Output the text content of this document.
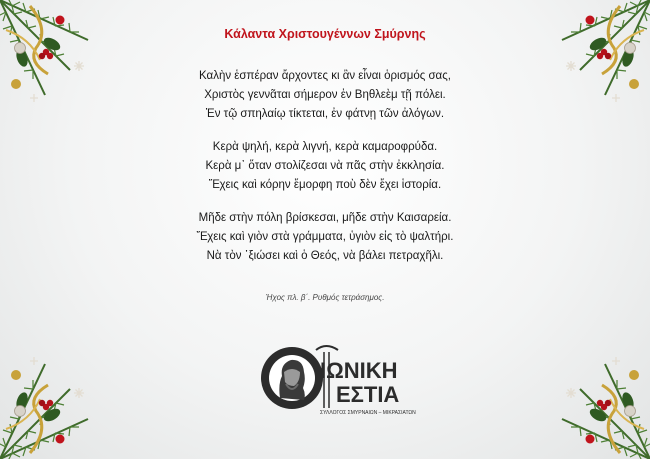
Κάλαντα Χριστουγέννων Σμύρνης
Καλὴν ἑσπέραν ἄρχοντες κι ἂν εἶναι ὁρισμός σας,
Χριστὸς γεννᾶται σήμερον ἐν Βηθλεὲμ τῇ πόλει.
Ἐν τῷ σπηλαίῳ τίκτεται, ἐν φάτνῃ τῶν ἀλόγων.
Κερὰ ψηλή, κερὰ λιγνή, κερὰ καμαροφρύδα.
Κερὰ μ᾿ ὅταν στολίζεσαι νὰ πᾶς στὴν ἐκκλησία.
Ἔχεις καὶ κόρην ἔμορφη ποὺ δὲν ἔχει ἱστορία.
Μῆδε στὴν πόλη βρίσκεσαι, μῆδε στὴν Καισαρεία.
Ἔχεις καὶ γιὸν στὰ γράμματα, ὑγιὸν εἰς τὸ ψαλτήρι.
Νὰ τὸν ῾ξιώσει καὶ ὁ Θεός, νὰ βάλει πετραχῆλι.
Ήχος πλ. β΄. Ρυθμός τετράσημος.
ΙΩΝΙΚΗ
ΕΣΤΙΑ
ΣΥΛΛΟΓΟΣ ΣΜΥΡΝΑΙΩΝ – ΜΙΚΡΑΣΙΑΤΩΝ
